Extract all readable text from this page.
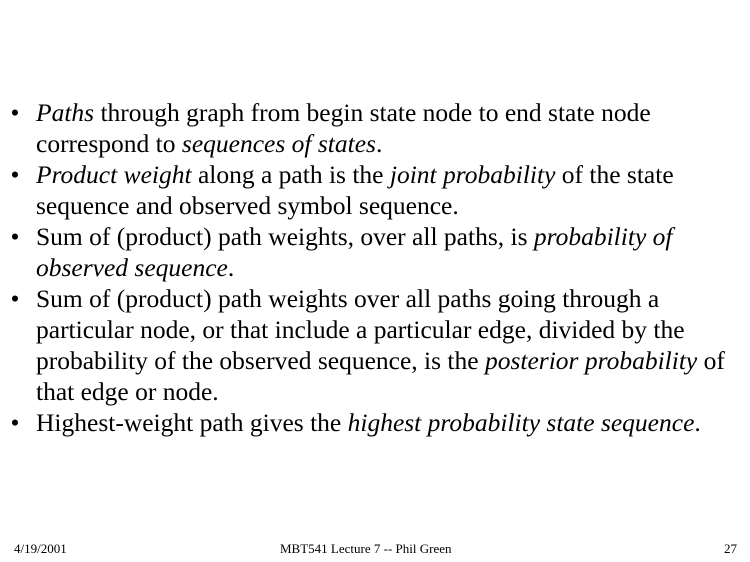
• Paths through graph from begin state node to end state node correspond to sequences of states.
• Product weight along a path is the joint probability of the state sequence and observed symbol sequence.
• Sum of (product) path weights, over all paths, is probability of observed sequence.
• Sum of (product) path weights over all paths going through a particular node, or that include a particular edge, divided by the probability of the observed sequence, is the posterior probability of that edge or node.
• Highest-weight path gives the highest probability state sequence.
4/19/2001	MBT541 Lecture 7 -- Phil Green	27
